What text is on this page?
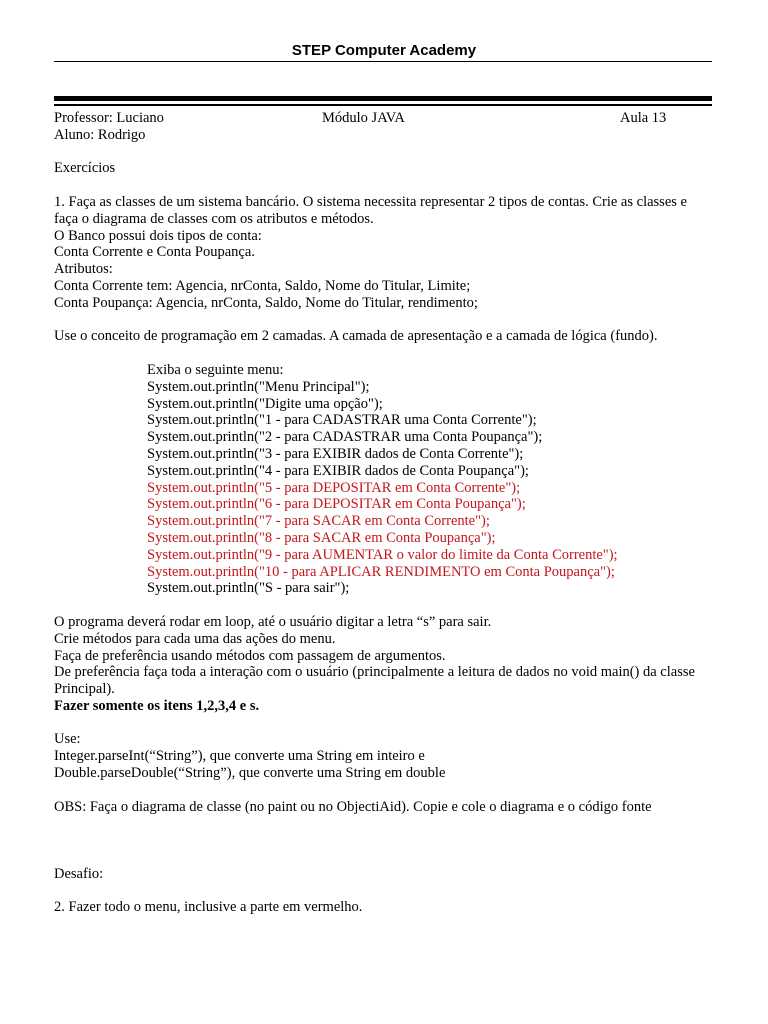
STEP Computer Academy
Professor: Luciano	Módulo JAVA	Aula 13
Aluno: Rodrigo
Exercícios
1. Faça as classes de um sistema bancário. O sistema necessita representar 2 tipos de contas. Crie as classes e faça o diagrama de classes com os atributos e métodos.
O Banco possui dois tipos de conta:
Conta Corrente e Conta Poupança.
Atributos:
Conta Corrente tem: Agencia, nrConta, Saldo, Nome do Titular, Limite;
Conta Poupança: Agencia, nrConta, Saldo, Nome do Titular, rendimento;
Use o conceito de programação em 2 camadas. A camada de apresentação e a camada de lógica (fundo).
Exiba o seguinte menu:
System.out.println("Menu Principal");
System.out.println("Digite uma opção");
System.out.println("1 - para CADASTRAR uma Conta Corrente");
System.out.println("2 - para CADASTRAR uma Conta Poupança");
System.out.println("3 - para EXIBIR dados de Conta Corrente");
System.out.println("4 - para EXIBIR dados de Conta Poupança");
System.out.println("5 - para DEPOSITAR em Conta Corrente");
System.out.println("6 - para DEPOSITAR em Conta Poupança");
System.out.println("7 - para SACAR em Conta Corrente");
System.out.println("8 - para SACAR em Conta Poupança");
System.out.println("9 - para AUMENTAR o valor do limite da Conta Corrente");
System.out.println("10 - para APLICAR RENDIMENTO em Conta Poupança");
System.out.println("S - para sair");
O programa deverá rodar em loop, até o usuário digitar a letra “s” para sair.
Crie métodos para cada uma das ações do menu.
Faça de preferência usando métodos com passagem de argumentos.
De preferência faça toda a interação com o usuário (principalmente a leitura de dados no void main() da classe Principal).
Fazer somente os itens 1,2,3,4 e s.
Use:
Integer.parseInt(“String”), que converte uma String em inteiro e
Double.parseDouble(“String”), que converte uma String em double
OBS: Faça o diagrama de classe (no paint ou no ObjectiAid). Copie e cole o diagrama e o código fonte
Desafio:
2. Fazer todo o menu, inclusive a parte em vermelho.
